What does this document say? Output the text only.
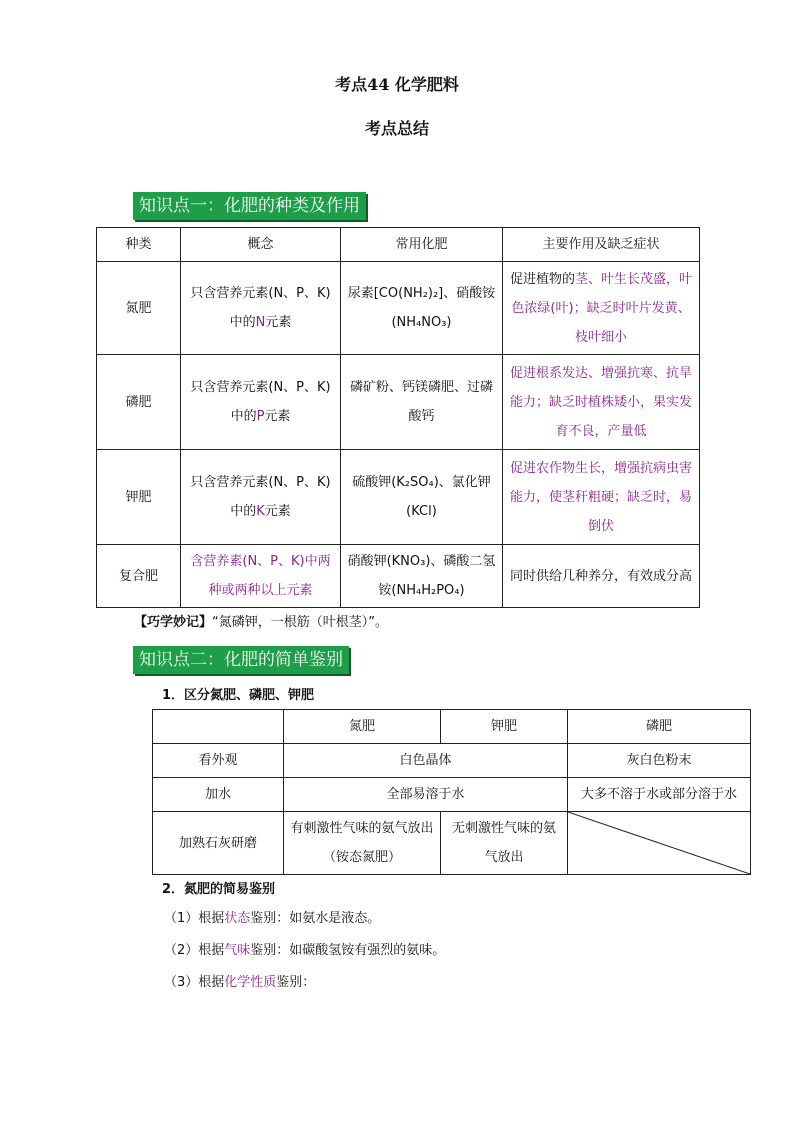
考点44 化学肥料
考点总结
知识点一：化肥的种类及作用
种类	概念	常用化肥	主要作用及缺乏症状
氮肥	只含营养元素(N、P、K)中的N元素	尿素[CO(NH₂)₂]、硝酸铵(NH₄NO₃)	促进植物的茎、叶生长茂盛，叶色浓绿(叶)；缺乏时叶片发黄、枝叶细小
磷肥	只含营养元素(N、P、K)中的P元素	磷矿粉、钙镁磷肥、过磷酸钙	促进根系发达、增强抗寒、抗旱能力；缺乏时植株矮小，果实发育不良，产量低
钾肥	只含营养元素(N、P、K)中的K元素	硫酸钾(K₂SO₄)、氯化钾(KCl)	促进农作物生长，增强抗病虫害能力，使茎秆粗硬；缺乏时，易倒伏
复合肥	含营养素(N、P、K)中两种或两种以上元素	硝酸钾(KNO₃)、磷酸二氢铵(NH₄H₂PO₄)	同时供给几种养分，有效成分高
【巧学妙记】“氮磷钾，一根筋（叶根茎）”。
知识点二：化肥的简单鉴别
1．区分氮肥、磷肥、钾肥
	氮肥	钾肥	磷肥
看外观	白色晶体		灰白色粉末
加水	全部易溶于水		大多不溶于水或部分溶于水
加熟石灰研磨	有刺激性气味的氨气放出（铵态氮肥）	无刺激性气味的氨气放出	
2．氮肥的简易鉴别
（1）根据状态鉴别：如氨水是液态。
（2）根据气味鉴别：如碳酸氢铵有强烈的氨味。
（3）根据化学性质鉴别：
